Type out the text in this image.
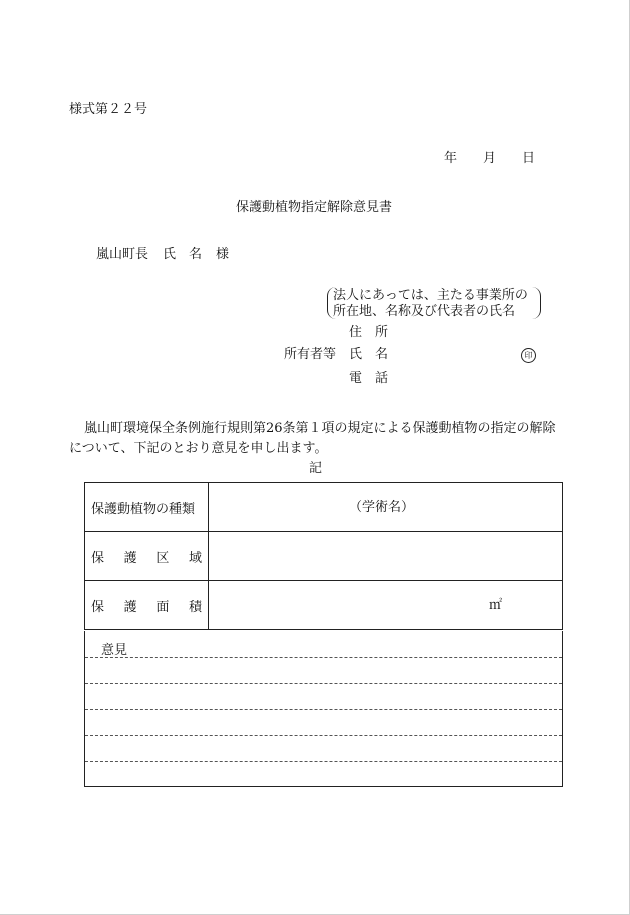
様式第２２号
年 月 日
保護動植物指定解除意見書
嵐山町長 氏　名 様
法人にあっては、主たる事業所の
所在地、名称及び代表者の氏名
住　所
所有者等 氏　名	印
電　話
嵐山町環境保全条例施行規則第26条第１項の規定による保護動植物の指定の解除
について、下記のとおり意見を申し出ます。
記
保護動植物の種類	（学術名）

保 護 区 域	

保 護 面 積	㎡
意見
